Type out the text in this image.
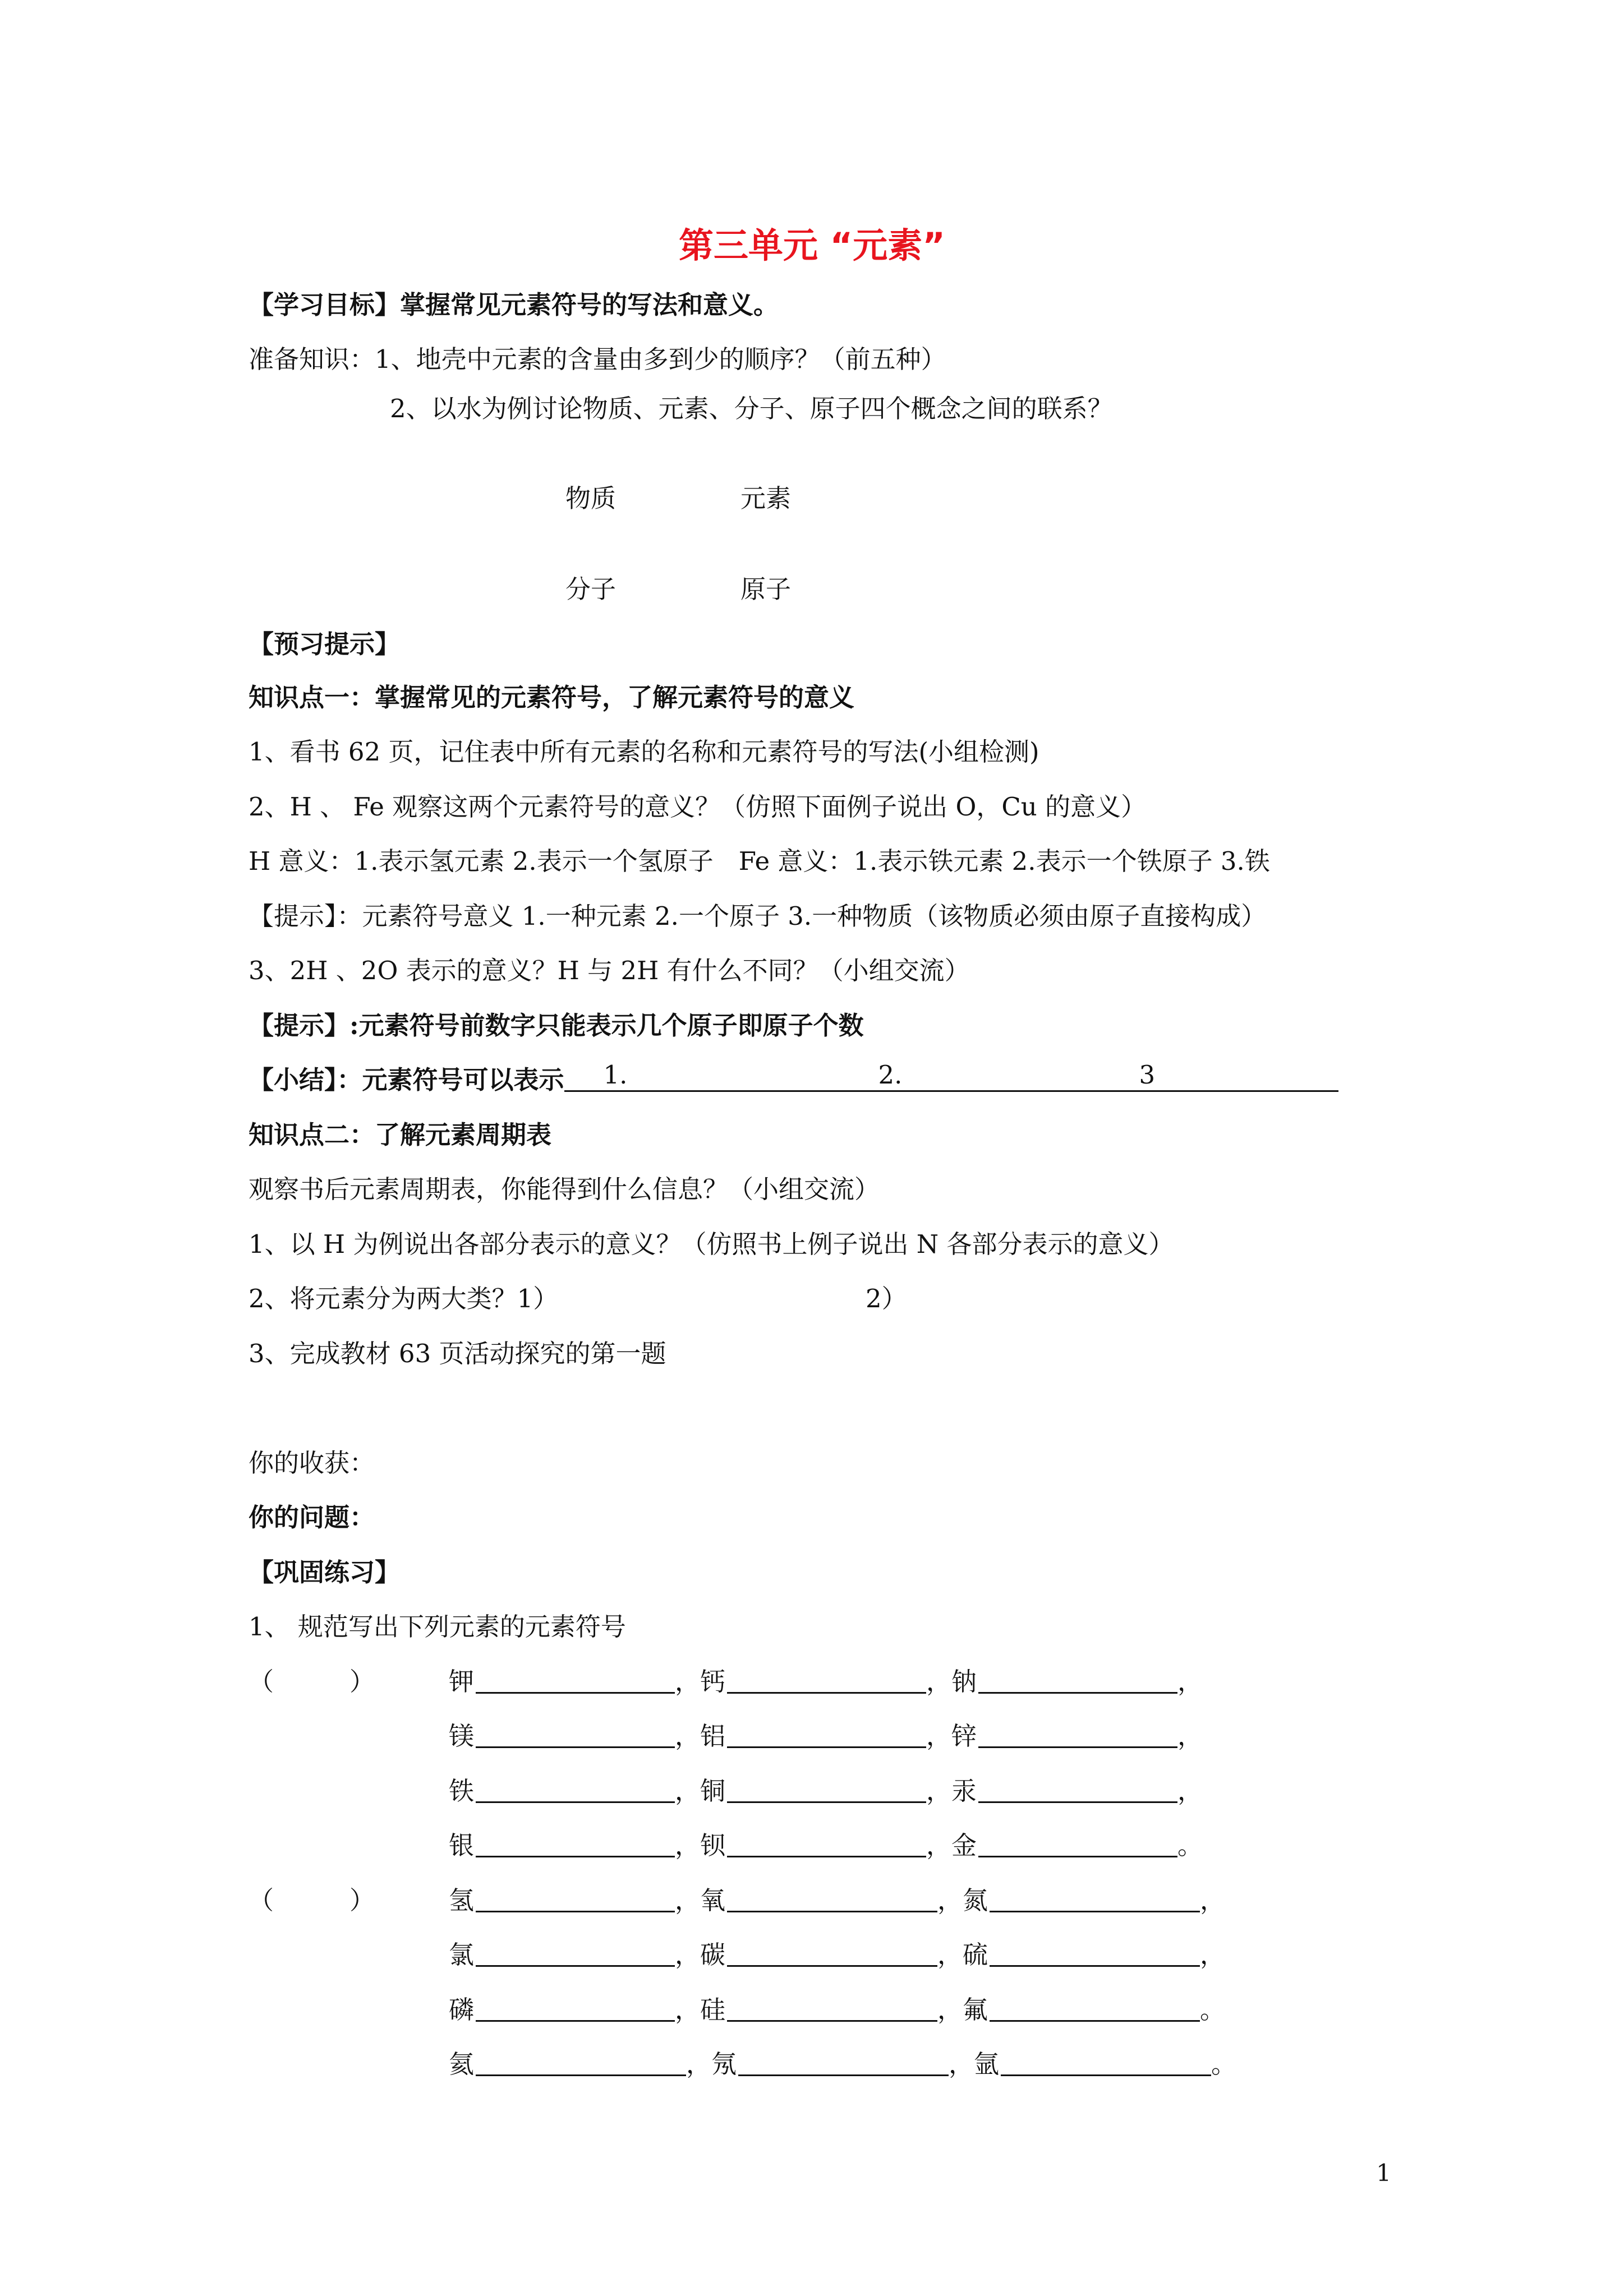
第三单元 “元素”
【学习目标】掌握常见元素符号的写法和意义。
准备知识：1、地壳中元素的含量由多到少的顺序？（前五种）
2、以水为例讨论物质、元素、分子、原子四个概念之间的联系？
物质	元素
分子	原子
【预习提示】
知识点一：掌握常见的元素符号，了解元素符号的意义
1、看书 62 页，记住表中所有元素的名称和元素符号的写法(小组检测)
2、H 、 Fe 观察这两个元素符号的意义？（仿照下面例子说出 O，Cu 的意义）
H 意义：1.表示氢元素 2.表示一个氢原子　Fe 意义：1.表示铁元素 2.表示一个铁原子 3.铁
【提示】：元素符号意义 1.一种元素 2.一个原子 3.一种物质（该物质必须由原子直接构成）
3、2H 、2O 表示的意义？H 与 2H 有什么不同？（小组交流）
【提示】:元素符号前数字只能表示几个原子即原子个数
【小结】：元素符号可以表示 1.	2.	3
知识点二：了解元素周期表
观察书后元素周期表，你能得到什么信息？（小组交流）
1、以 H 为例说出各部分表示的意义？（仿照书上例子说出 N 各部分表示的意义）
2、将元素分为两大类？1）	2）
3、完成教材 63 页活动探究的第一题
你的收获：
你的问题：
【巩固练习】
1、 规范写出下列元素的元素符号
（　　　）	钾	，钙	，钠	，
镁	，铝	，锌	，
铁	，铜	，汞	，
银	，钡	，金	。
（　　　）	氢	，氧	，氮	，
氯	，碳	，硫	，
磷	，硅	，氟	。
氦	，氖	，氩	。
1
